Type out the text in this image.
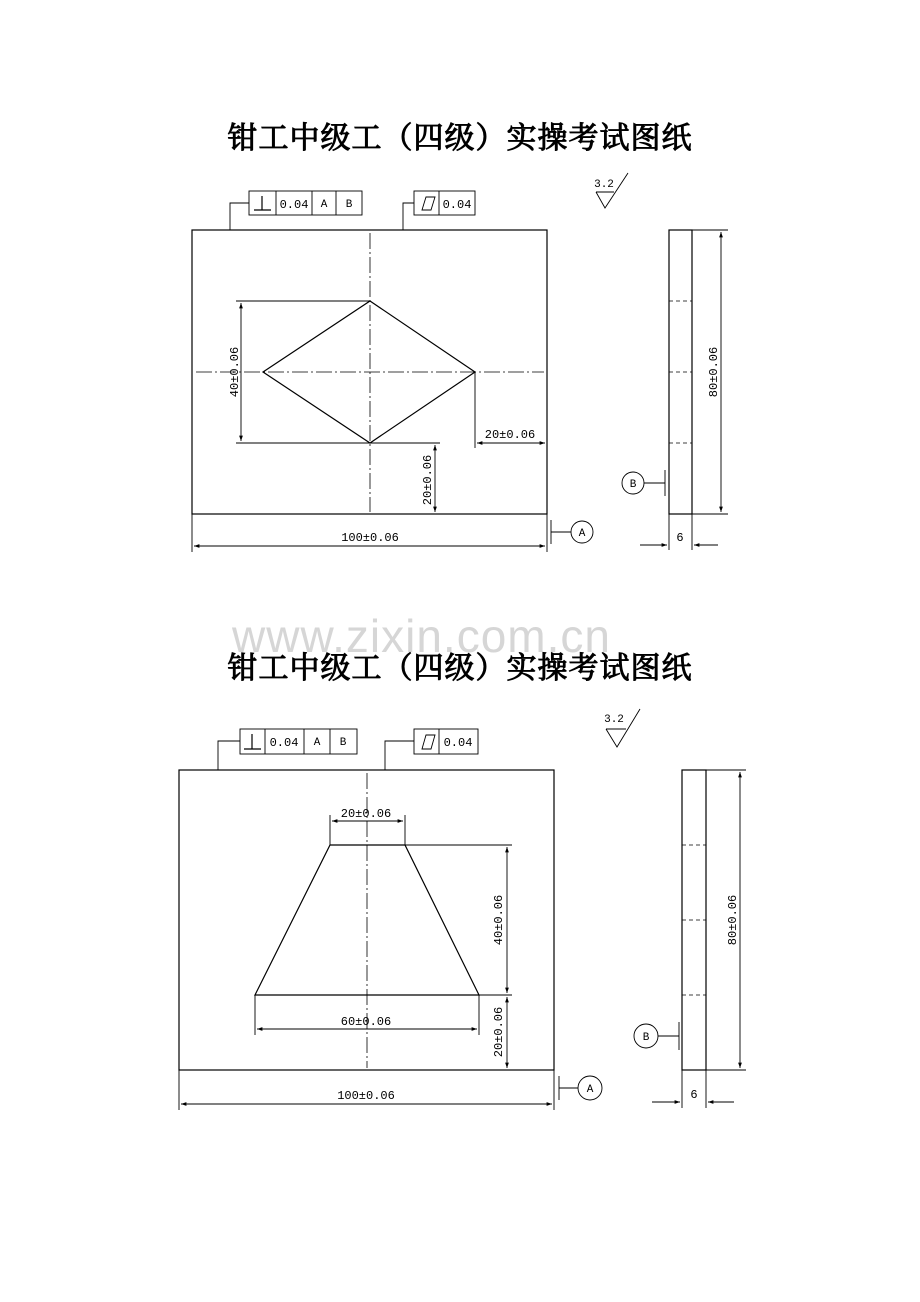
www.zixin.com.cn
钳工中级工（四级）实操考试图纸
0.04 A B	0.04
3.2
40±0.06
20±0.06
20±0.06
100±0.06	A
80±0.06
6
B
钳工中级工（四级）实操考试图纸
0.04 A B	0.04
3.2
20±0.06
40±0.06
20±0.06
60±0.06
100±0.06	A
80±0.06
6
B
